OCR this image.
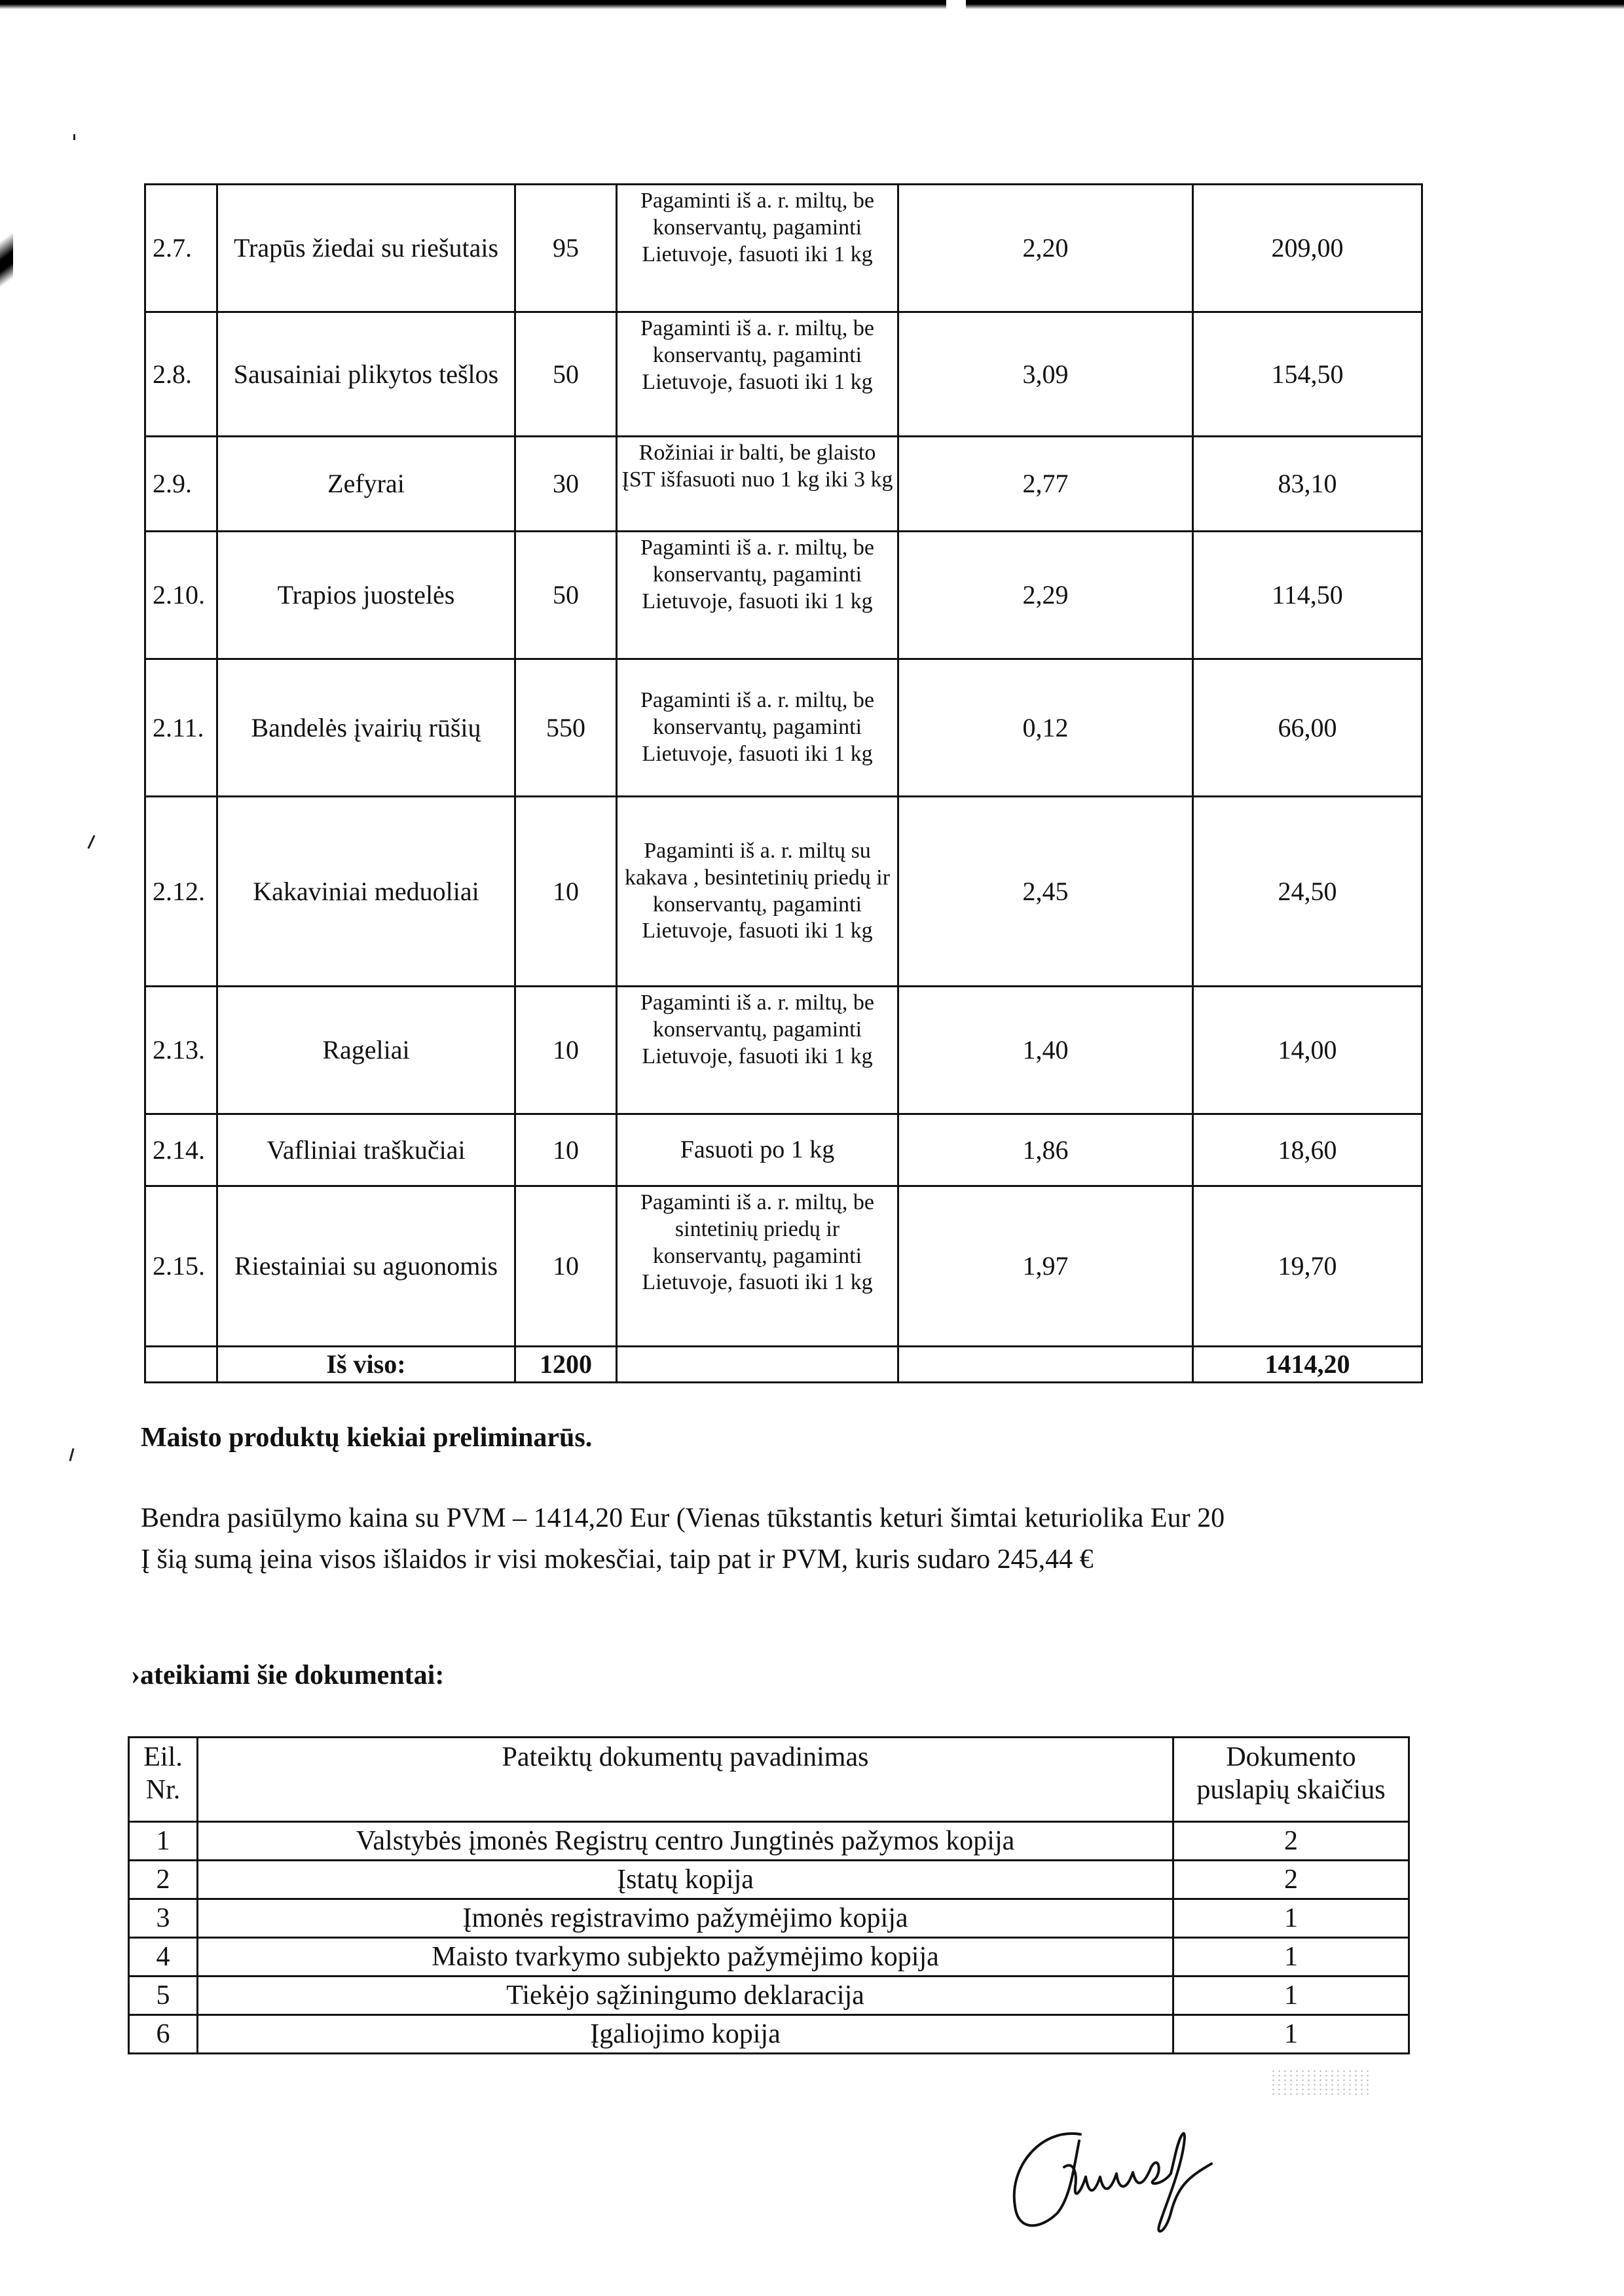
2.7.	Trapūs žiedai su riešutais	95	Pagaminti iš a. r. miltų, be konservantų, pagaminti Lietuvoje, fasuoti iki 1 kg	2,20	209,00
2.8.	Sausainiai plikytos tešlos	50	Pagaminti iš a. r. miltų, be konservantų, pagaminti Lietuvoje, fasuoti iki 1 kg	3,09	154,50
2.9.	Zefyrai	30	Rožiniai ir balti, be glaisto ĮST išfasuoti nuo 1 kg iki 3 kg	2,77	83,10
2.10.	Trapios juostelės	50	Pagaminti iš a. r. miltų, be konservantų, pagaminti Lietuvoje, fasuoti iki 1 kg	2,29	114,50
2.11.	Bandelės įvairių rūšių	550	Pagaminti iš a. r. miltų, be konservantų, pagaminti Lietuvoje, fasuoti iki 1 kg	0,12	66,00
2.12.	Kakaviniai meduoliai	10	Pagaminti iš a. r. miltų su kakava , besintetinių priedų ir konservantų, pagaminti Lietuvoje, fasuoti iki 1 kg	2,45	24,50
2.13.	Rageliai	10	Pagaminti iš a. r. miltų, be konservantų, pagaminti Lietuvoje, fasuoti iki 1 kg	1,40	14,00
2.14.	Vafliniai traškučiai	10	Fasuoti po 1 kg	1,86	18,60
2.15.	Riestainiai su aguonomis	10	Pagaminti iš a. r. miltų, be sintetinių priedų ir konservantų, pagaminti Lietuvoje, fasuoti iki 1 kg	1,97	19,70
	Iš viso:	1200			1414,20
Maisto produktų kiekiai preliminarūs.
Bendra pasiūlymo kaina su PVM – 1414,20 Eur (Vienas tūkstantis keturi šimtai keturiolika Eur 20
Į šią sumą įeina visos išlaidos ir visi mokesčiai, taip pat ir PVM, kuris sudaro 245,44 €
›ateikiami šie dokumentai:
Eil. Nr.	Pateiktų dokumentų pavadinimas	Dokumento puslapių skaičius
1	Valstybės įmonės Registrų centro Jungtinės pažymos kopija	2
2	Įstatų kopija	2
3	Įmonės registravimo pažymėjimo kopija	1
4	Maisto tvarkymo subjekto pažymėjimo kopija	1
5	Tiekėjo sąžiningumo deklaracija	1
6	Įgaliojimo kopija	1
